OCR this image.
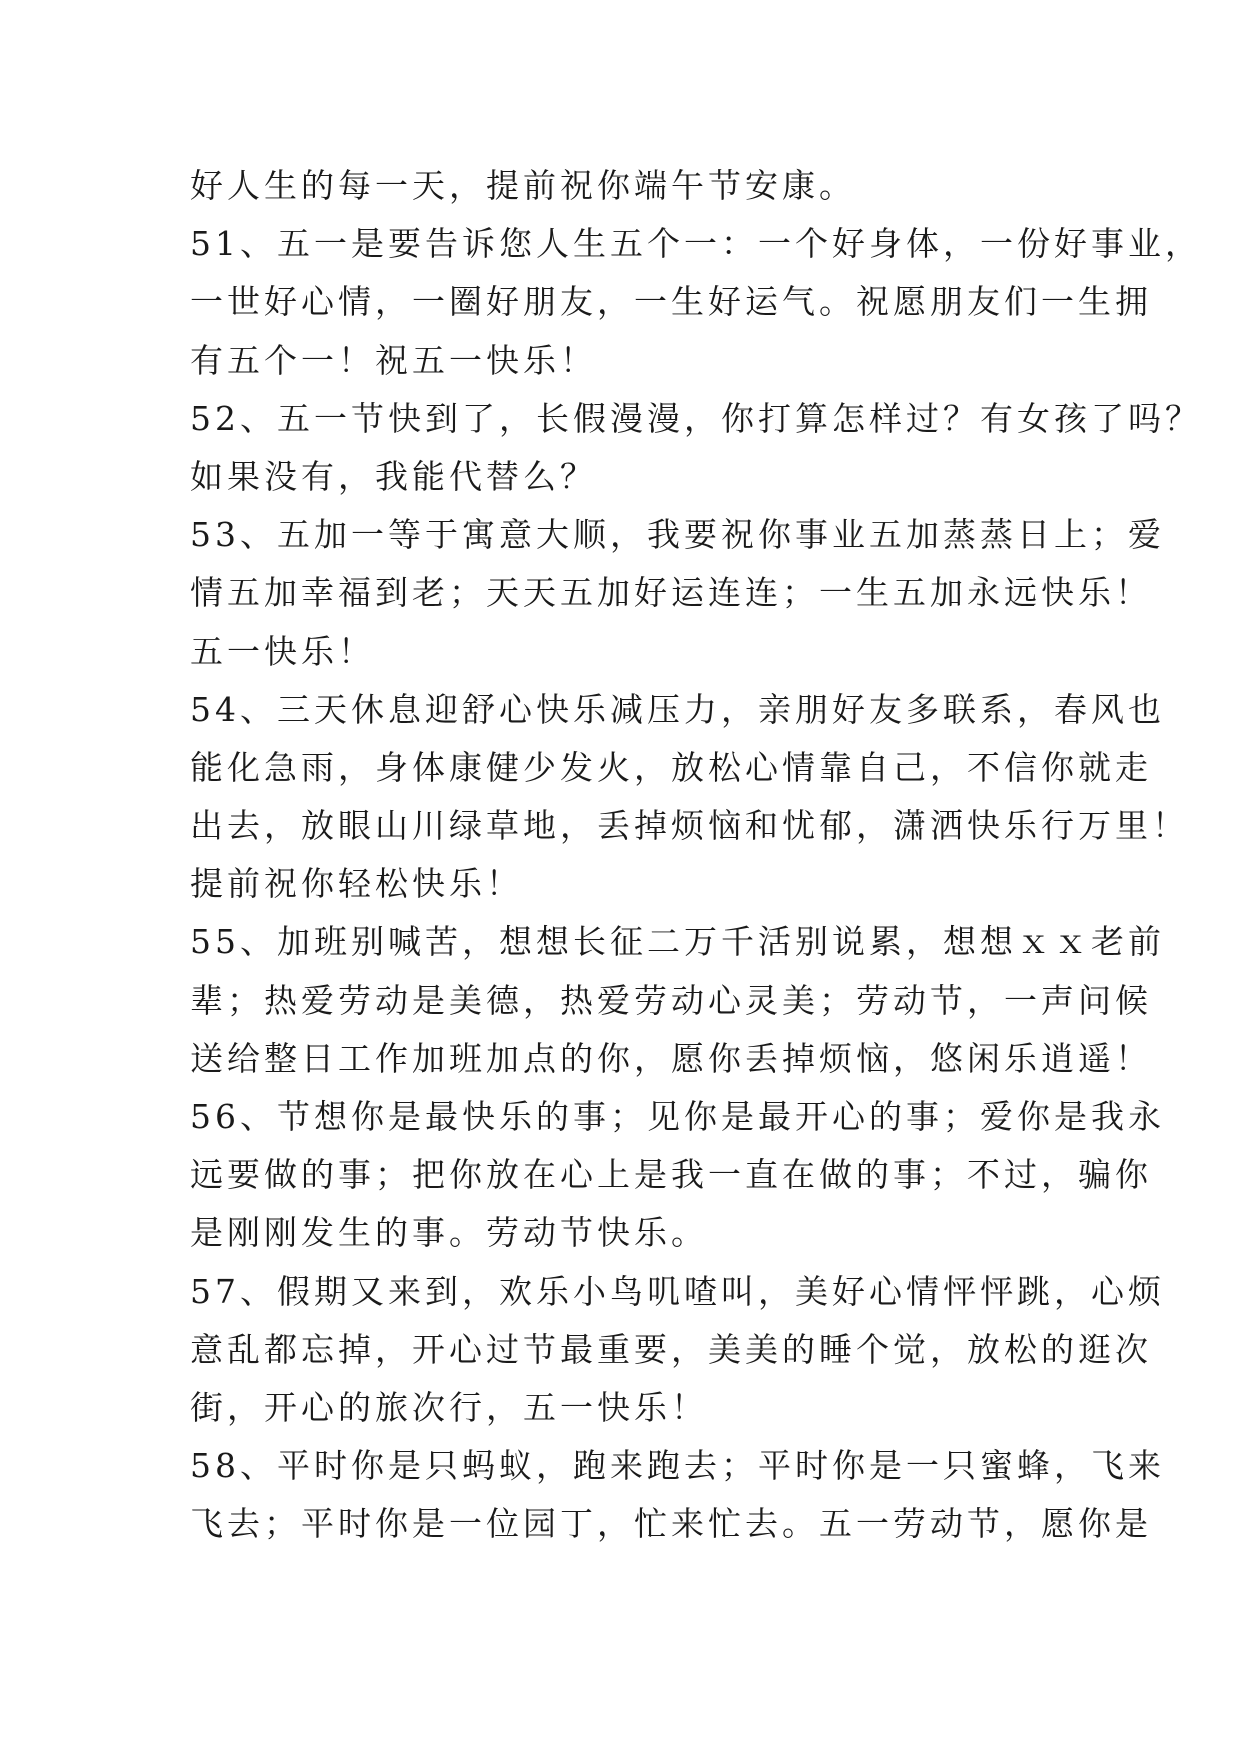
好人生的每一天，提前祝你端午节安康。
51、五一是要告诉您人生五个一：一个好身体，一份好事业，
一世好心情，一圈好朋友，一生好运气。祝愿朋友们一生拥
有五个一！祝五一快乐！
52、五一节快到了，长假漫漫，你打算怎样过？有女孩了吗？
如果没有，我能代替么？
53、五加一等于寓意大顺，我要祝你事业五加蒸蒸日上；爱
情五加幸福到老；天天五加好运连连；一生五加永远快乐！
五一快乐！
54、三天休息迎舒心快乐减压力，亲朋好友多联系，春风也
能化急雨，身体康健少发火，放松心情靠自己，不信你就走
出去，放眼山川绿草地，丢掉烦恼和忧郁，潇洒快乐行万里！
提前祝你轻松快乐！
55、加班别喊苦，想想长征二万千活别说累，想想ｘｘ老前
辈；热爱劳动是美德，热爱劳动心灵美；劳动节，一声问候
送给整日工作加班加点的你，愿你丢掉烦恼，悠闲乐逍遥！
56、节想你是最快乐的事；见你是最开心的事；爱你是我永
远要做的事；把你放在心上是我一直在做的事；不过，骗你
是刚刚发生的事。劳动节快乐。
57、假期又来到，欢乐小鸟叽喳叫，美好心情怦怦跳，心烦
意乱都忘掉，开心过节最重要，美美的睡个觉，放松的逛次
街，开心的旅次行，五一快乐！
58、平时你是只蚂蚁，跑来跑去；平时你是一只蜜蜂，飞来
飞去；平时你是一位园丁，忙来忙去。五一劳动节，愿你是
